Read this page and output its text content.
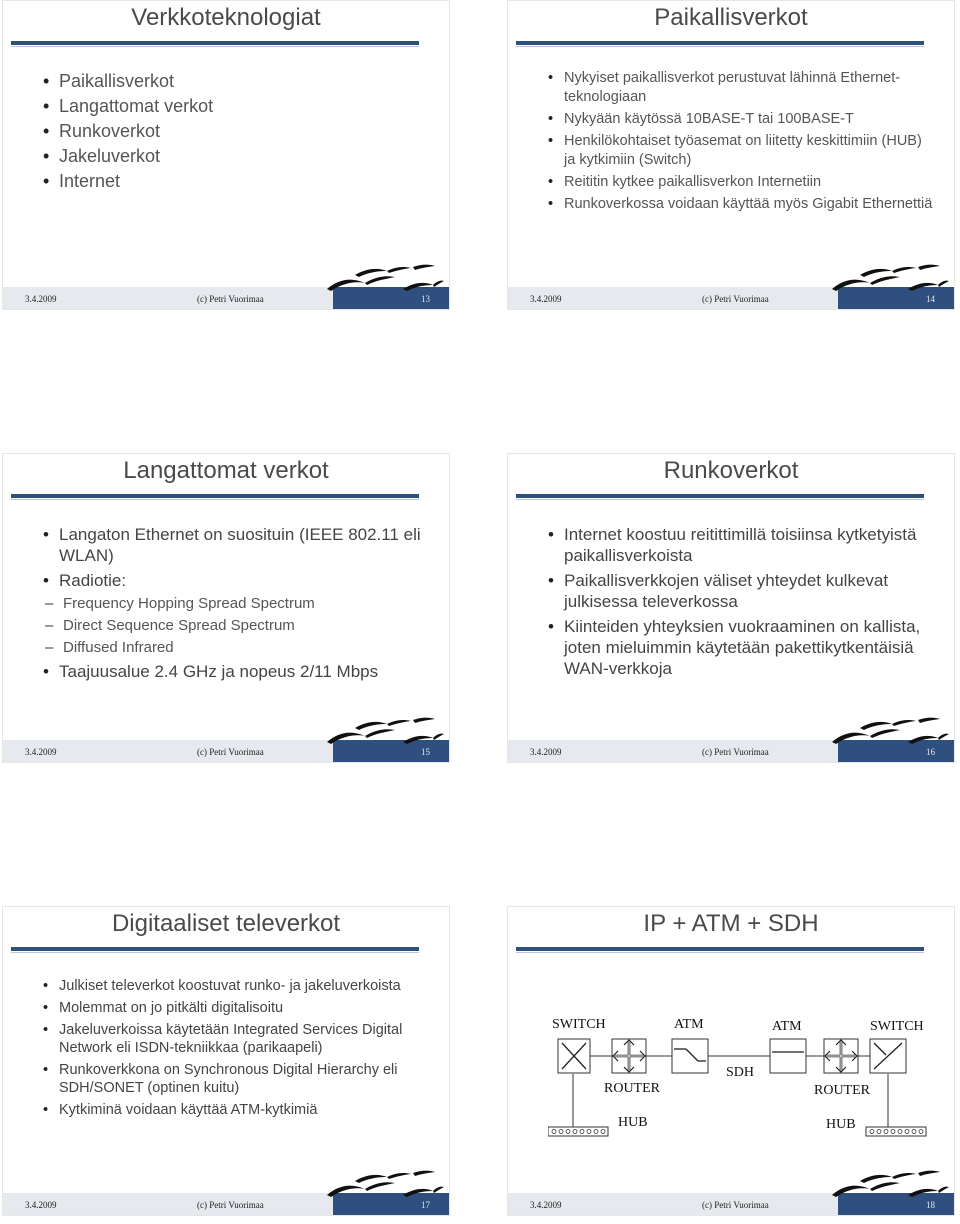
Verkkoteknologiat
• Paikallisverkot
• Langattomat verkot
• Runkoverkot
• Jakeluverkot
• Internet
3.4.2009	(c) Petri Vuorimaa	13
Paikallisverkot
• Nykyiset paikallisverkot perustuvat lähinnä Ethernet-teknologiaan
• Nykyään käytössä 10BASE-T tai 100BASE-T
• Henkilökohtaiset työasemat on liitetty keskittimiin (HUB) ja kytkimiin (Switch)
• Reititin kytkee paikallisverkon Internetiin
• Runkoverkossa voidaan käyttää myös Gigabit Ethernettiä
3.4.2009	(c) Petri Vuorimaa	14
Langattomat verkot
• Langaton Ethernet on suosituin (IEEE 802.11 eli WLAN)
• Radiotie:
– Frequency Hopping Spread Spectrum
– Direct Sequence Spread Spectrum
– Diffused Infrared
• Taajuusalue 2.4 GHz ja nopeus 2/11 Mbps
3.4.2009	(c) Petri Vuorimaa	15
Runkoverkot
• Internet koostuu reitittimillä toisiinsa kytketyistä paikallisverkoista
• Paikallisverkkojen väliset yhteydet kulkevat julkisessa televerkossa
• Kiinteiden yhteyksien vuokraaminen on kallista, joten mieluimmin käytetään pakettikytkentäisiä WAN-verkkoja
3.4.2009	(c) Petri Vuorimaa	16
Digitaaliset televerkot
• Julkiset televerkot koostuvat runko- ja jakeluverkoista
• Molemmat on jo pitkälti digitalisoitu
• Jakeluverkoissa käytetään Integrated Services Digital Network eli ISDN-tekniikkaa (parikaapeli)
• Runkoverkkona on Synchronous Digital Hierarchy eli SDH/SONET (optinen kuitu)
• Kytkiminä voidaan käyttää ATM-kytkimiä
3.4.2009	(c) Petri Vuorimaa	17
IP + ATM + SDH
SWITCH	ATM	ATM	SWITCH
ROUTER
SDH
ROUTER
HUB	HUB
3.4.2009	(c) Petri Vuorimaa	18
